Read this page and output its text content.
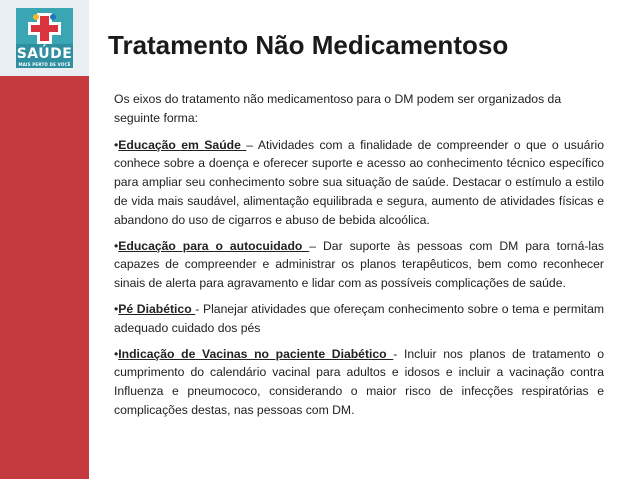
SAÚDE
MAIS PERTO DE VOCÊ
Tratamento Não Medicamentoso

Os eixos do tratamento não medicamentoso para o DM podem ser organizados da seguinte forma:

•Educação em Saúde – Atividades com a finalidade de compreender o que o usuário conhece sobre a doença e oferecer suporte e acesso ao conhecimento técnico específico para ampliar seu conhecimento sobre sua situação de saúde. Destacar o estímulo a estilo de vida mais saudável, alimentação equilibrada e segura, aumento de atividades físicas e abandono do uso de cigarros e abuso de bebida alcoólica.

•Educação para o autocuidado – Dar suporte às pessoas com DM para torná-las capazes de compreender e administrar os planos terapêuticos, bem como reconhecer sinais de alerta para agravamento e lidar com as possíveis complicações de saúde.

•Pé Diabético - Planejar atividades que ofereçam conhecimento sobre o tema e permitam adequado cuidado dos pés

•Indicação de Vacinas no paciente Diabético - Incluir nos planos de tratamento o cumprimento do calendário vacinal para adultos e idosos e incluir a vacinação contra Influenza e pneumococo, considerando o maior risco de infecções respiratórias e complicações destas, nas pessoas com DM.
